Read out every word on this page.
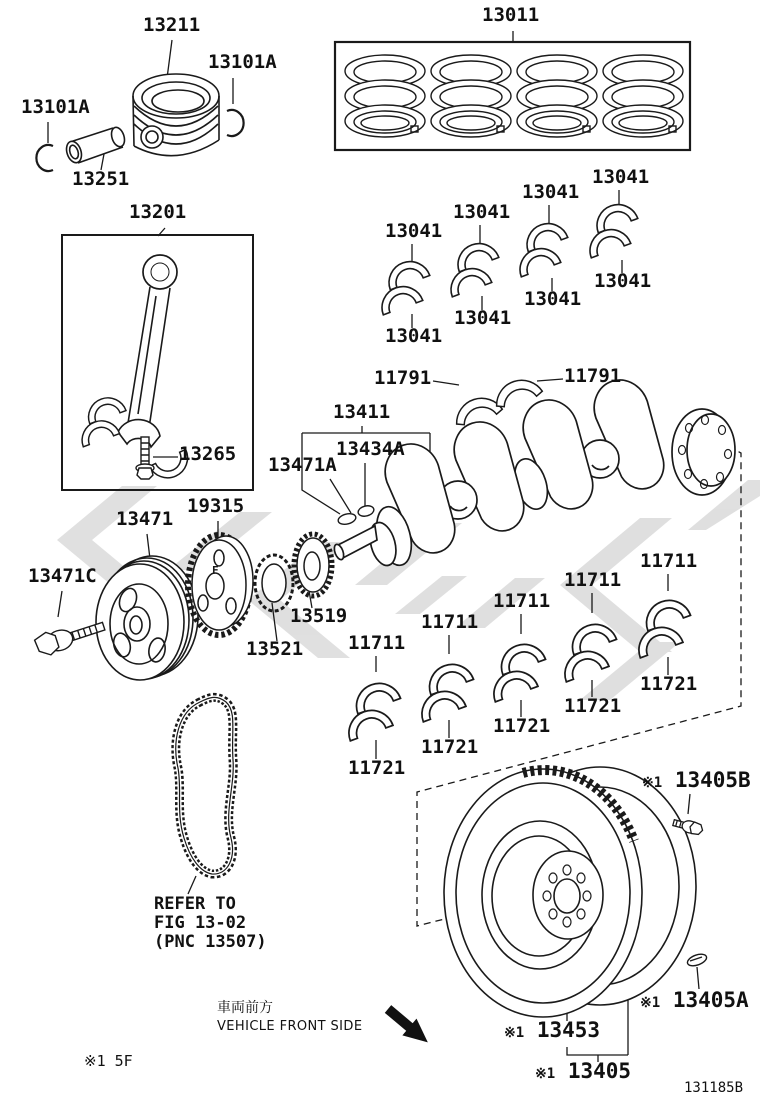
F
13211
13101A
13101A
13251
13201
13011
13265
13041
13041
13041
13041
13041
13041
13041
13041
11791	11791
13411
13434A
13471A
19315
13471
13471C
13519
13521 11711
11711
11711
11711
11711
11721
11721
11721
11721
11721
※1 13405B
※1 13405A
※1 13453
※1 13405
REFER TO
FIG 13-02
(PNC 13507)
車両前方
VEHICLE FRONT SIDE
※1 5F
131185B
